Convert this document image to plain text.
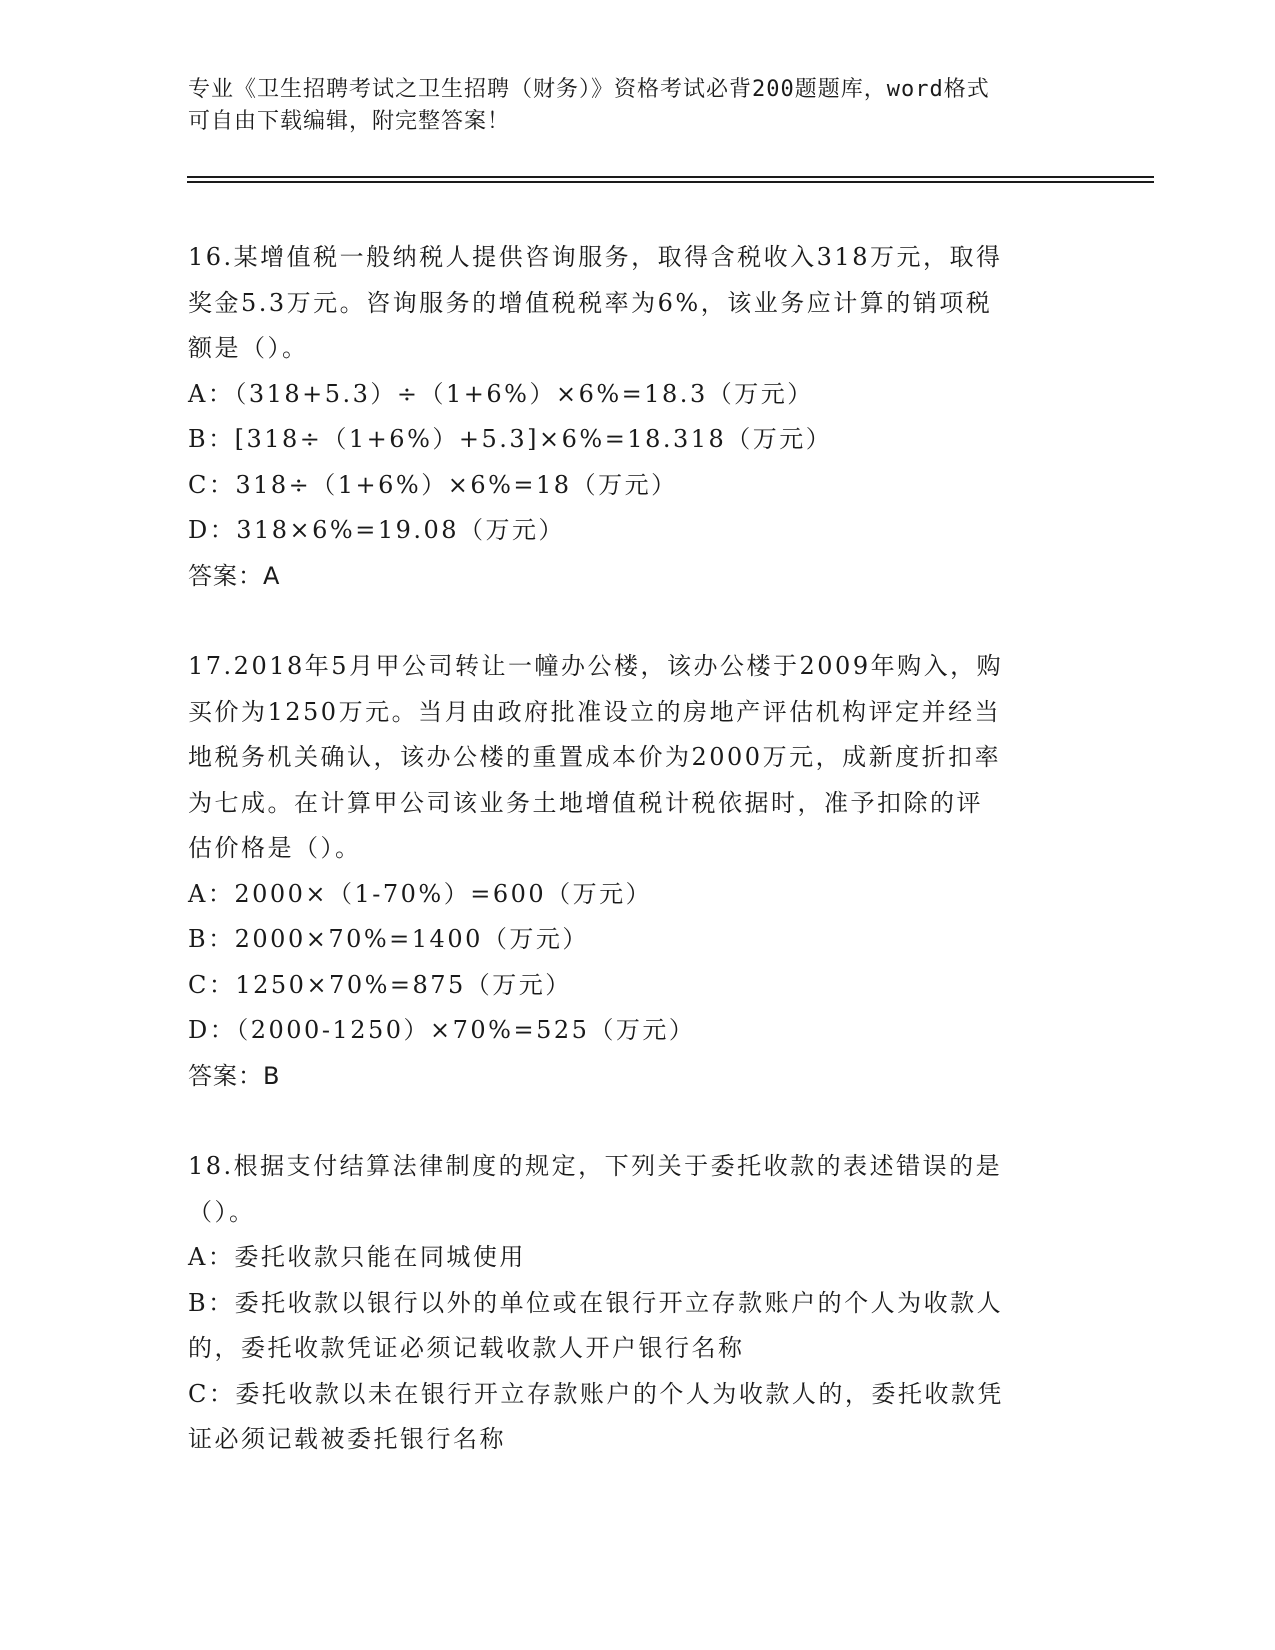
专业《卫生招聘考试之卫生招聘（财务）》资格考试必背200题题库，word格式
可自由下载编辑，附完整答案！
16.某增值税一般纳税人提供咨询服务，取得含税收入318万元，取得
奖金5.3万元。咨询服务的增值税税率为6%，该业务应计算的销项税
额是（）。
A：（318+5.3）÷（1+6%）×6%=18.3（万元）
B：[318÷（1+6%）+5.3]×6%=18.318（万元）
C：318÷（1+6%）×6%=18（万元）
D：318×6%=19.08（万元）
答案：A
17.2018年5月甲公司转让一幢办公楼，该办公楼于2009年购入，购
买价为1250万元。当月由政府批准设立的房地产评估机构评定并经当
地税务机关确认，该办公楼的重置成本价为2000万元，成新度折扣率
为七成。在计算甲公司该业务土地增值税计税依据时，准予扣除的评
估价格是（）。
A：2000×（1-70%）=600（万元）
B：2000×70%=1400（万元）
C：1250×70%=875（万元）
D：（2000-1250）×70%=525（万元）
答案：B
18.根据支付结算法律制度的规定，下列关于委托收款的表述错误的是
（）。
A：委托收款只能在同城使用
B：委托收款以银行以外的单位或在银行开立存款账户的个人为收款人
的，委托收款凭证必须记载收款人开户银行名称
C：委托收款以未在银行开立存款账户的个人为收款人的，委托收款凭
证必须记载被委托银行名称
